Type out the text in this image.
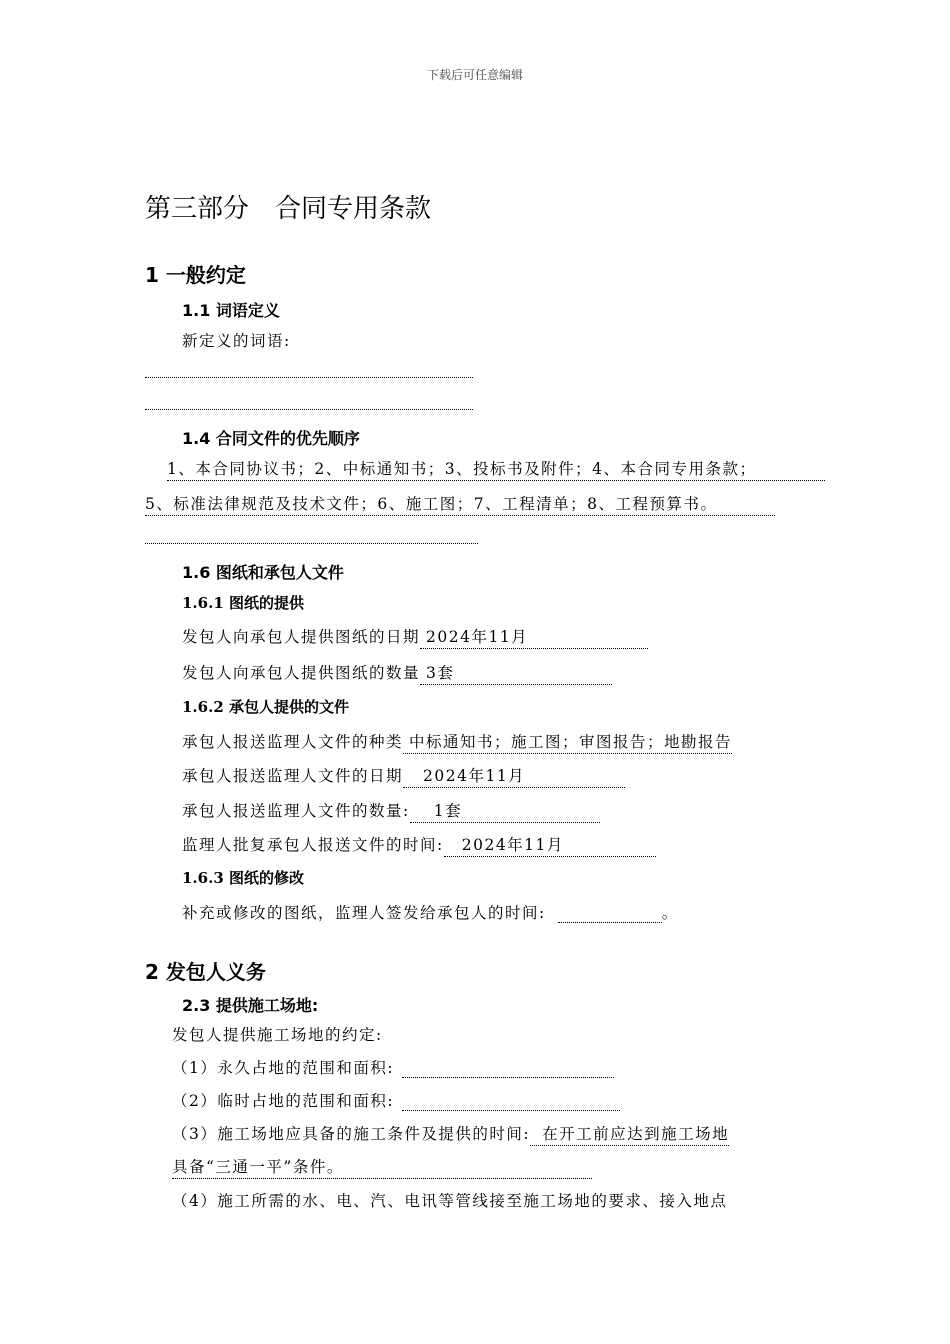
下载后可任意编辑
第三部分　合同专用条款
1 一般约定
1.1 词语定义
新定义的词语:
1.4 合同文件的优先顺序
1、本合同协议书；2、中标通知书；3、投标书及附件；4、本合同专用条款；
5、标准法律规范及技术文件；6、施工图；7、工程清单；8、工程预算书。
1.6 图纸和承包人文件
1.6.1 图纸的提供
发包人向承包人提供图纸的日期 2024年11月
发包人向承包人提供图纸的数量 3套
1.6.2 承包人提供的文件
承包人报送监理人文件的种类 中标通知书；施工图；审图报告；地勘报告
承包人报送监理人文件的日期 2024年11月
承包人报送监理人文件的数量: 1套
监理人批复承包人报送文件的时间: 2024年11月
1.6.3 图纸的修改
补充或修改的图纸，监理人签发给承包人的时间:	。
2 发包人义务
2.3 提供施工场地:
发包人提供施工场地的约定:
（1）永久占地的范围和面积:
（2）临时占地的范围和面积:
（3）施工场地应具备的施工条件及提供的时间: 在开工前应达到施工场地
具备“三通一平”条件。
（4）施工所需的水、电、汽、电讯等管线接至施工场地的要求、接入地点
